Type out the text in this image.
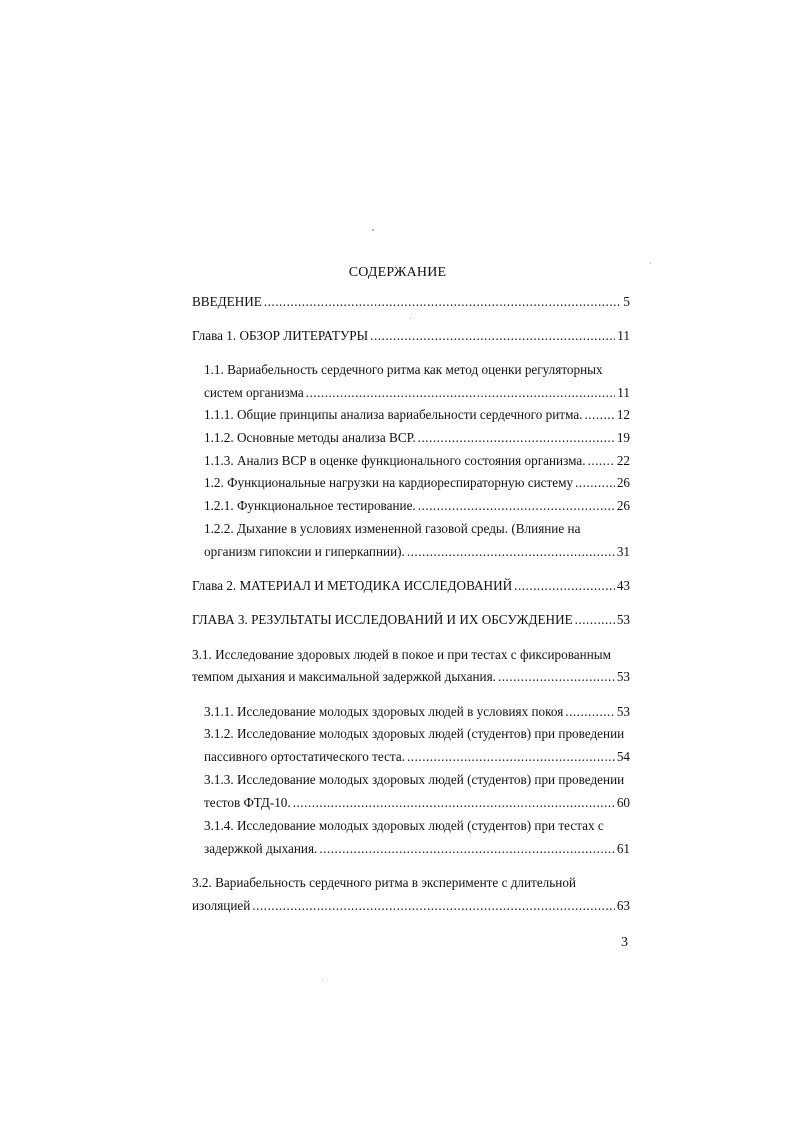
СОДЕРЖАНИЕ
ВВЕДЕНИЕ .....	5
Глава 1. ОБЗОР ЛИТЕРАТУРЫ .....	11
1.1. Вариабельность сердечного ритма как метод оценки регуляторных
систем организма .....	11
1.1.1. Общие принципы анализа вариабельности сердечного ритма. .....	12
1.1.2. Основные методы анализа ВСР. .....	19
1.1.3. Анализ ВСР в оценке функционального состояния организма. ..... 22
1.2. Функциональные нагрузки на кардиореспираторную систему .....	26
1.2.1. Функциональное тестирование. .....	26
1.2.2. Дыхание в условиях измененной газовой среды. (Влияние на
организм гипоксии и гиперкапнии). .....	31
Глава 2. МАТЕРИАЛ И МЕТОДИКА ИССЛЕДОВАНИЙ .....	43
ГЛАВА 3. РЕЗУЛЬТАТЫ ИССЛЕДОВАНИЙ И ИХ ОБСУЖДЕНИЕ .....	53
3.1. Исследование здоровых людей в покое и при тестах с фиксированным
темпом дыхания и максимальной задержкой дыхания. .....	53
3.1.1. Исследование молодых здоровых людей в условиях покоя .....	53
3.1.2. Исследование молодых здоровых людей (студентов) при проведении
пассивного ортостатического теста. .....	54
3.1.3. Исследование молодых здоровых людей (студентов) при проведении
тестов ФТД-10. .....	60
3.1.4. Исследование молодых здоровых людей (студентов) при тестах с
задержкой дыхания. .....	61
3.2. Вариабельность сердечного ритма в эксперименте с длительной
изоляцией .....	63
3
